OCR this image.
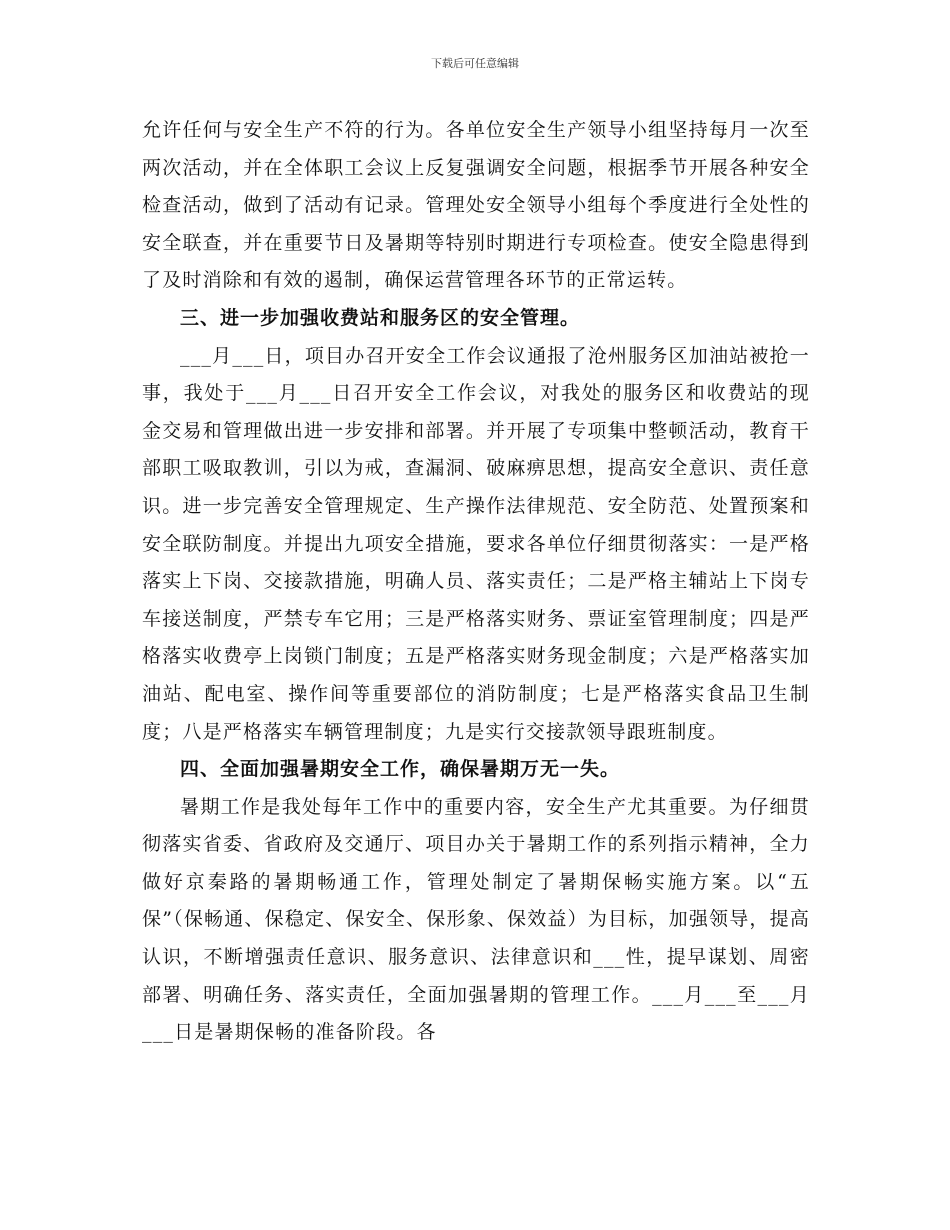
下载后可任意编辑

允许任何与安全生产不符的行为。各单位安全生产领导小组坚持每月一次至两次活动，并在全体职工会议上反复强调安全问题，根据季节开展各种安全检查活动，做到了活动有记录。管理处安全领导小组每个季度进行全处性的安全联查，并在重要节日及暑期等特别时期进行专项检查。使安全隐患得到了及时消除和有效的遏制，确保运营管理各环节的正常运转。

三、进一步加强收费站和服务区的安全管理。

___月___日，项目办召开安全工作会议通报了沧州服务区加油站被抢一事，我处于___月___日召开安全工作会议，对我处的服务区和收费站的现金交易和管理做出进一步安排和部署。并开展了专项集中整顿活动，教育干部职工吸取教训，引以为戒，查漏洞、破麻痹思想，提高安全意识、责任意识。进一步完善安全管理规定、生产操作法律规范、安全防范、处置预案和安全联防制度。并提出九项安全措施，要求各单位仔细贯彻落实：一是严格落实上下岗、交接款措施，明确人员、落实责任；二是严格主辅站上下岗专车接送制度，严禁专车它用；三是严格落实财务、票证室管理制度；四是严格落实收费亭上岗锁门制度；五是严格落实财务现金制度；六是严格落实加油站、配电室、操作间等重要部位的消防制度；七是严格落实食品卫生制度；八是严格落实车辆管理制度；九是实行交接款领导跟班制度。

四、全面加强暑期安全工作，确保暑期万无一失。

暑期工作是我处每年工作中的重要内容，安全生产尤其重要。为仔细贯彻落实省委、省政府及交通厅、项目办关于暑期工作的系列指示精神，全力做好京秦路的暑期畅通工作，管理处制定了暑期保畅实施方案。以“五保”（保畅通、保稳定、保安全、保形象、保效益）为目标，加强领导，提高认识，不断增强责任意识、服务意识、法律意识和___性，提早谋划、周密部署、明确任务、落实责任，全面加强暑期的管理工作。___月___至___月___日是暑期保畅的准备阶段。各
